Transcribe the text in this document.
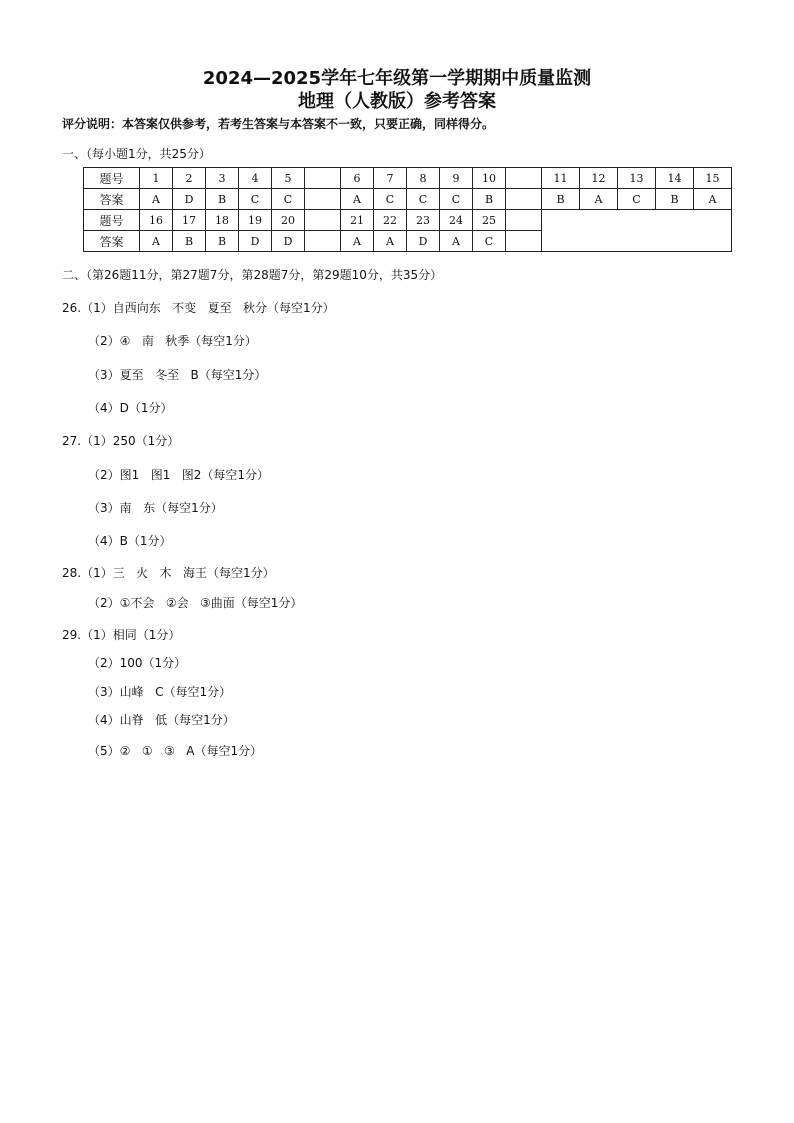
2024—2025学年七年级第一学期期中质量监测
地理（人教版）参考答案
评分说明：本答案仅供参考，若考生答案与本答案不一致，只要正确，同样得分。
一、（每小题1分，共25分）
题号	1	2	3	4	5		6	7	8	9	10		11	12	13	14	15
答案	A	D	B	C	C		A	C	C	C	B		B	A	C	B	A
题号	16	17	18	19	20		21	22	23	24	25						
答案	A	B	B	D	D		A	A	D	A	C						
二、（第26题11分，第27题7分，第28题7分，第29题10分，共35分）
26.（1）自西向东   不变   夏至   秋分（每空1分）
（2）④   南   秋季（每空1分）
（3）夏至   冬至   B（每空1分）
（4）D（1分）
27.（1）250（1分）
（2）图1   图1   图2（每空1分）
（3）南   东（每空1分）
（4）B（1分）
28.（1）三   火   木   海王（每空1分）
（2）①不会   ②会   ③曲面（每空1分）
29.（1）相同（1分）
（2）100（1分）
（3）山峰   C（每空1分）
（4）山脊   低（每空1分）
（5）②   ①   ③   A（每空1分）
